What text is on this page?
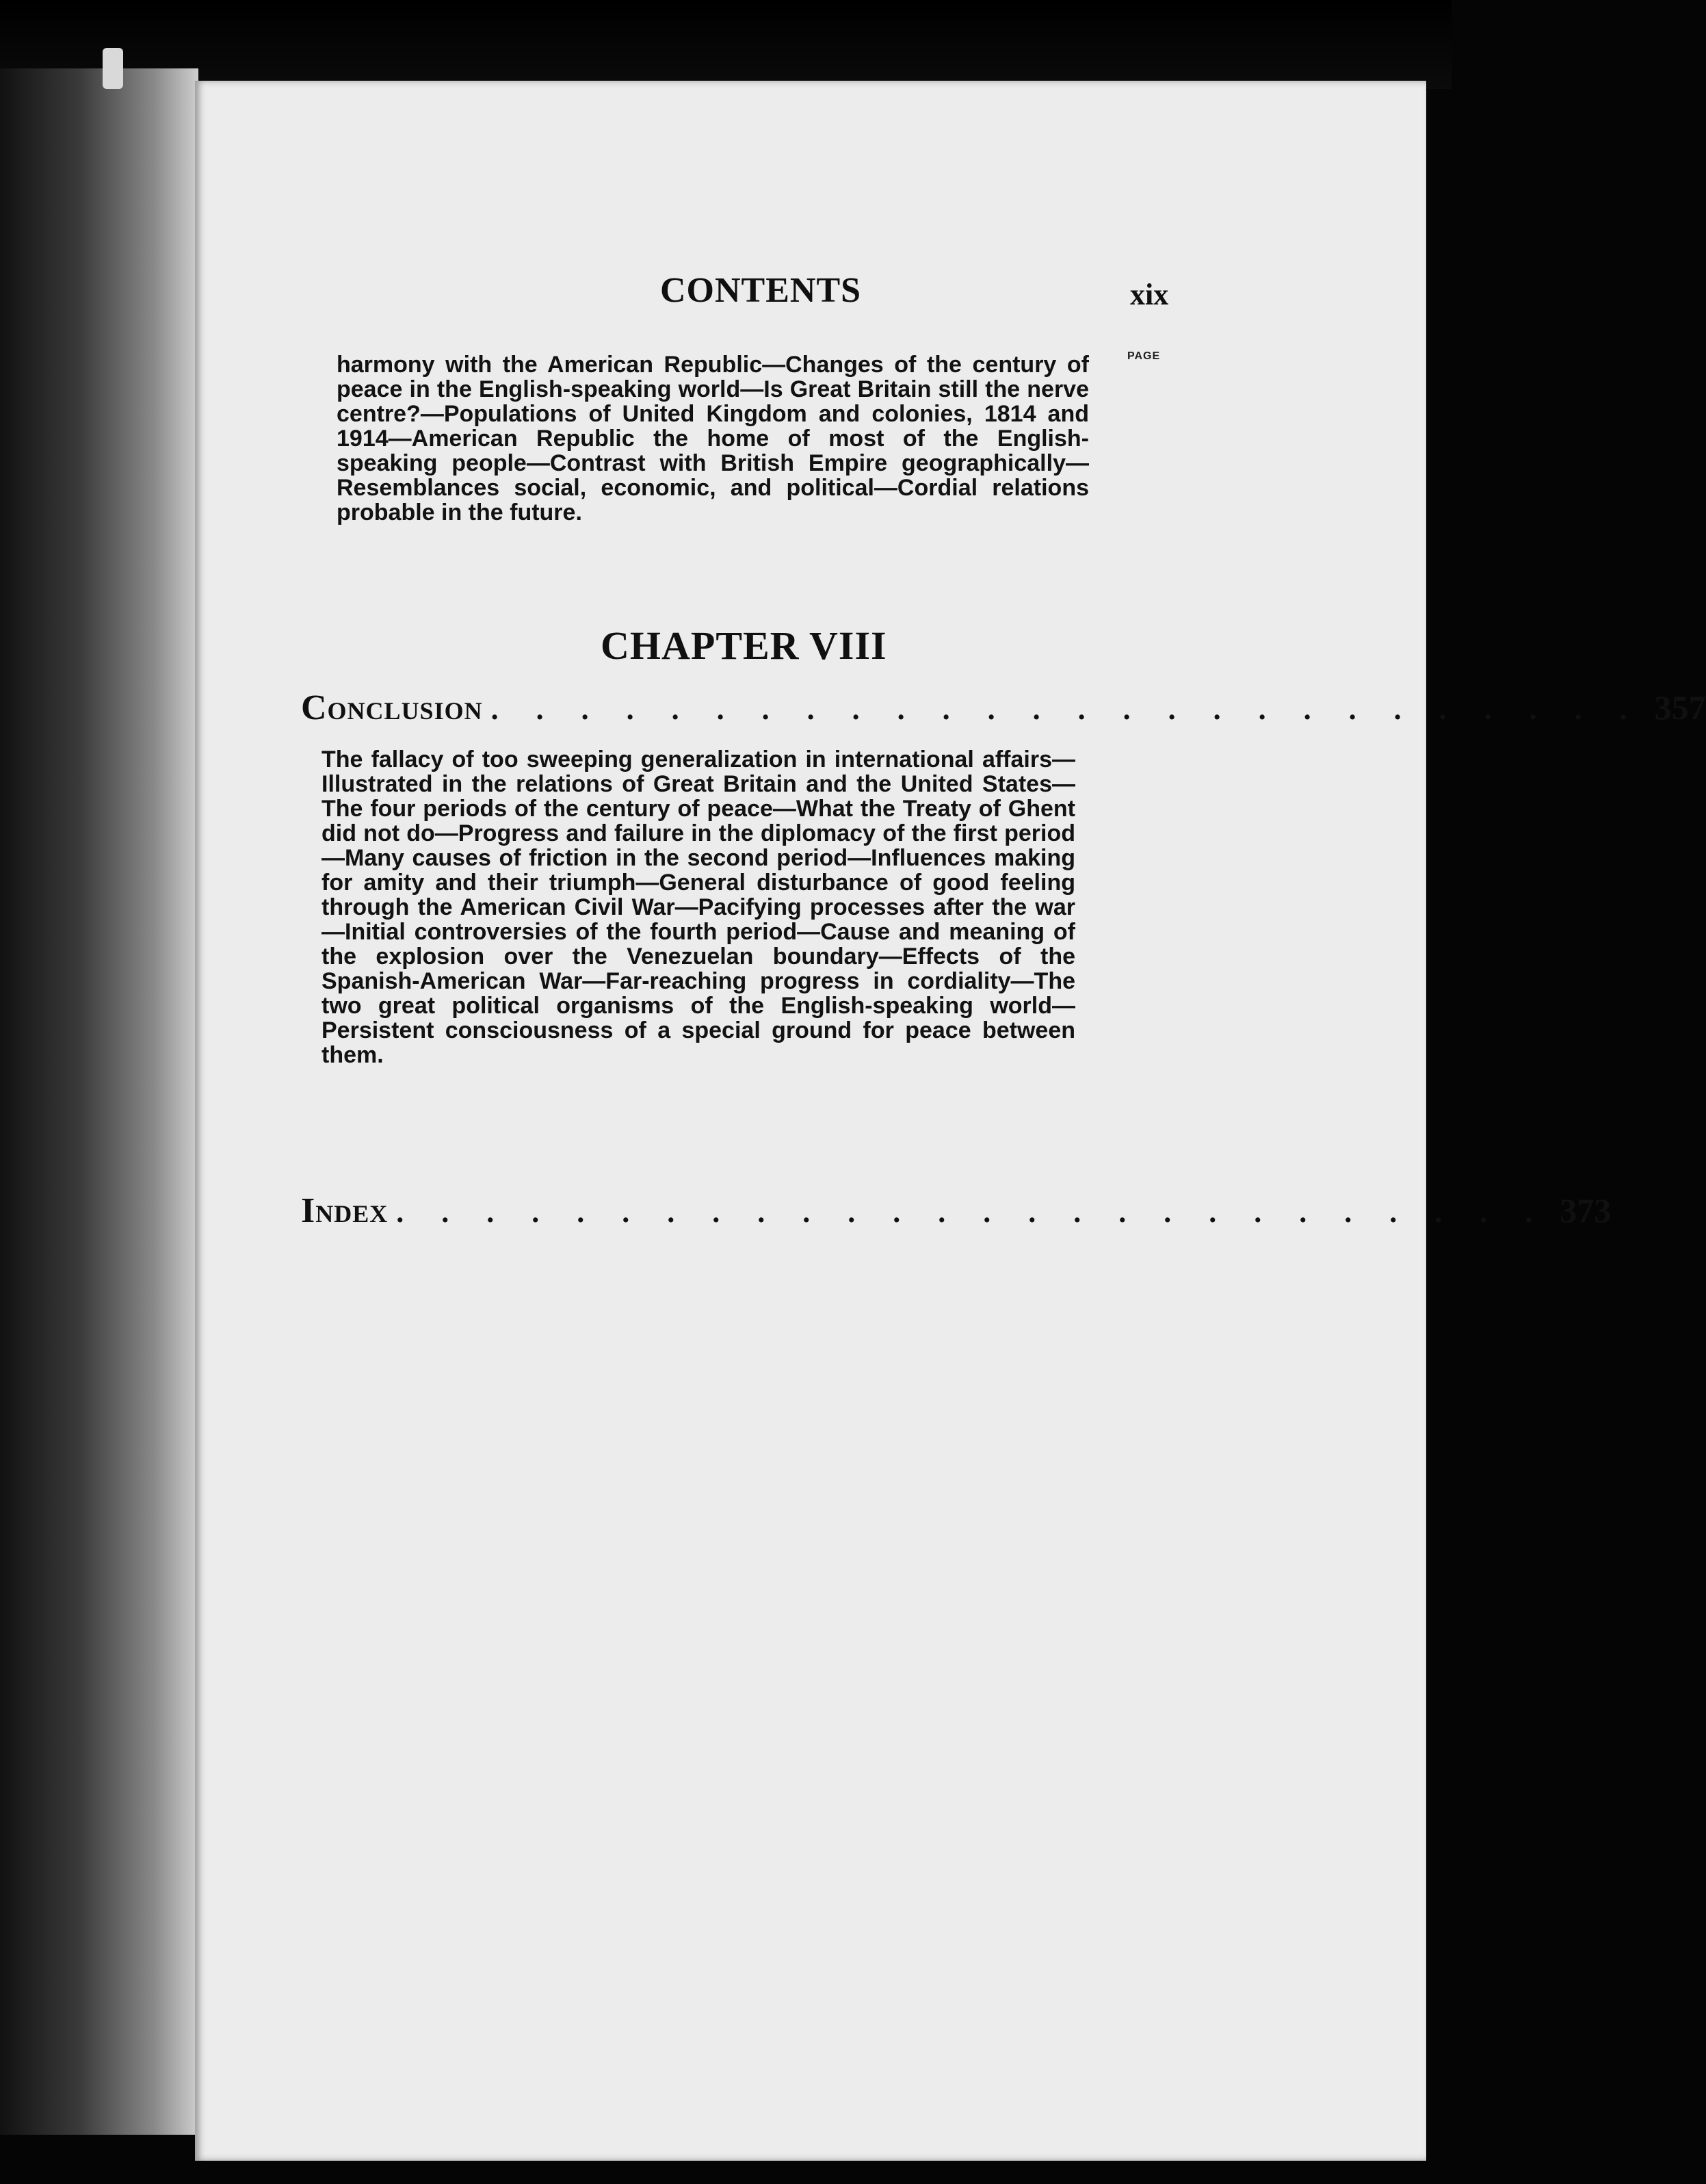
CONTENTS	xix
PAGE

harmony with the American Republic—Changes of the century of peace in the English-speaking world—Is Great Britain still the nerve centre?—Populations of United Kingdom and colonies, 1814 and 1914—American Republic the home of most of the English-speaking people—Contrast with British Empire geographically—Resemblances social, economic, and political—Cordial relations probable in the future.

CHAPTER VIII
Conclusion . . . . . . . . . . . . . . . . . . . . . . . . . . 357

The fallacy of too sweeping generalization in international affairs—Illustrated in the relations of Great Britain and the United States—The four periods of the century of peace—What the Treaty of Ghent did not do—Progress and failure in the diplomacy of the first period—Many causes of friction in the second period—Influences making for amity and their triumph—General disturbance of good feeling through the American Civil War—Pacifying processes after the war—Initial controversies of the fourth period—Cause and meaning of the explosion over the Venezuelan boundary—Effects of the Spanish-American War—Far-reaching progress in cordiality—The two great political organisms of the English-speaking world—Persistent consciousness of a special ground for peace between them.

Index . . . . . . . . . . . . . . . . . . . . . . . . . . 373
